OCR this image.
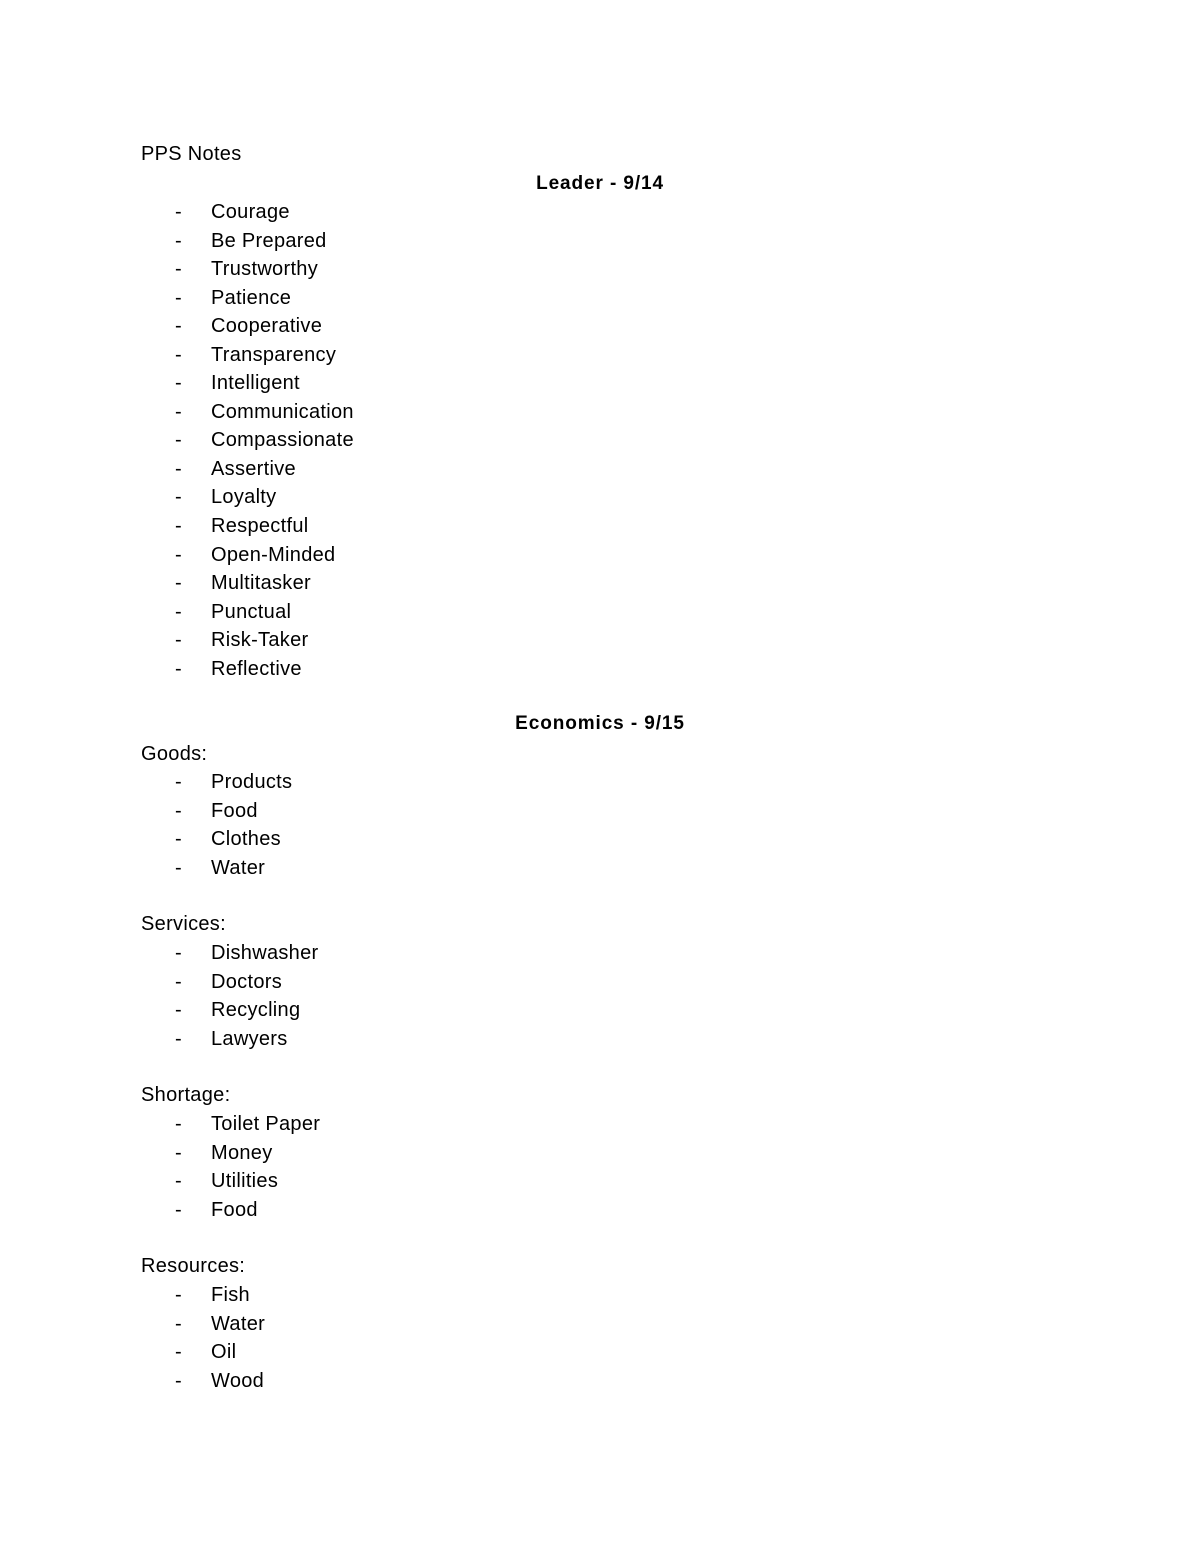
PPS Notes
Leader - 9/14
- Courage
- Be Prepared
- Trustworthy
- Patience
- Cooperative
- Transparency
- Intelligent
- Communication
- Compassionate
- Assertive
- Loyalty
- Respectful
- Open-Minded
- Multitasker
- Punctual
- Risk-Taker
- Reflective
Economics - 9/15
Goods:
- Products
- Food
- Clothes
- Water
Services:
- Dishwasher
- Doctors
- Recycling
- Lawyers
Shortage:
- Toilet Paper
- Money
- Utilities
- Food
Resources:
- Fish
- Water
- Oil
- Wood
